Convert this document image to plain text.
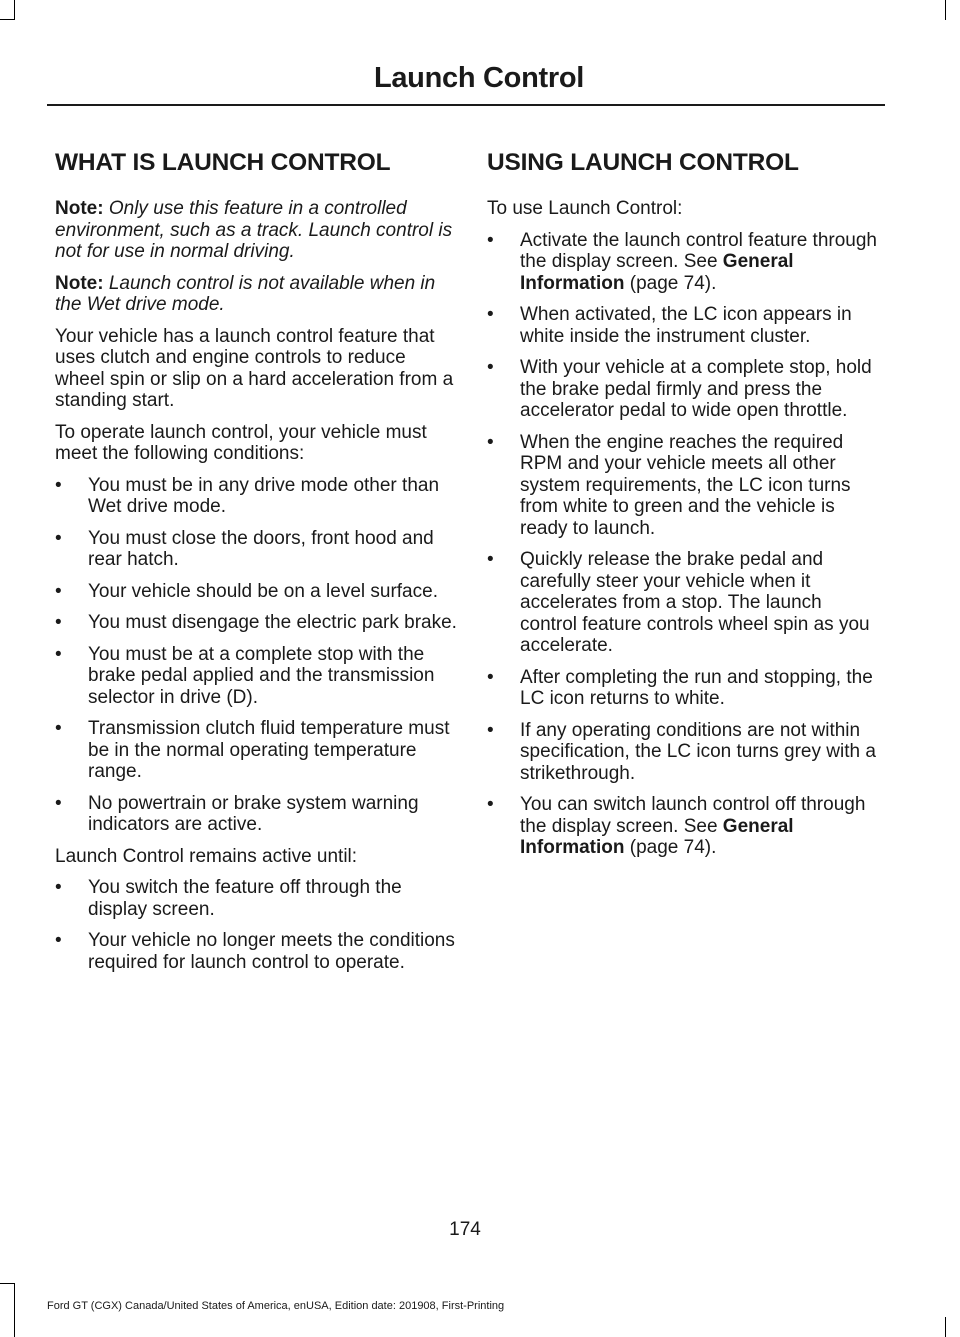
Launch Control
WHAT IS LAUNCH CONTROL

Note: Only use this feature in a controlled environment, such as a track. Launch control is not for use in normal driving.

Note: Launch control is not available when in the Wet drive mode.

Your vehicle has a launch control feature that uses clutch and engine controls to reduce wheel spin or slip on a hard acceleration from a standing start.

To operate launch control, your vehicle must meet the following conditions:

• You must be in any drive mode other than Wet drive mode.
• You must close the doors, front hood and rear hatch.
• Your vehicle should be on a level surface.
• You must disengage the electric park brake.
• You must be at a complete stop with the brake pedal applied and the transmission selector in drive (D).
• Transmission clutch fluid temperature must be in the normal operating temperature range.
• No powertrain or brake system warning indicators are active.

Launch Control remains active until:

• You switch the feature off through the display screen.
• Your vehicle no longer meets the conditions required for launch control to operate.
USING LAUNCH CONTROL

To use Launch Control:

• Activate the launch control feature through the display screen. See General Information (page 74).
• When activated, the LC icon appears in white inside the instrument cluster.
• With your vehicle at a complete stop, hold the brake pedal firmly and press the accelerator pedal to wide open throttle.
• When the engine reaches the required RPM and your vehicle meets all other system requirements, the LC icon turns from white to green and the vehicle is ready to launch.
• Quickly release the brake pedal and carefully steer your vehicle when it accelerates from a stop. The launch control feature controls wheel spin as you accelerate.
• After completing the run and stopping, the LC icon returns to white.
• If any operating conditions are not within specification, the LC icon turns grey with a strikethrough.
• You can switch launch control off through the display screen. See General Information (page 74).
174
Ford GT (CGX) Canada/United States of America, enUSA, Edition date: 201908, First-Printing
